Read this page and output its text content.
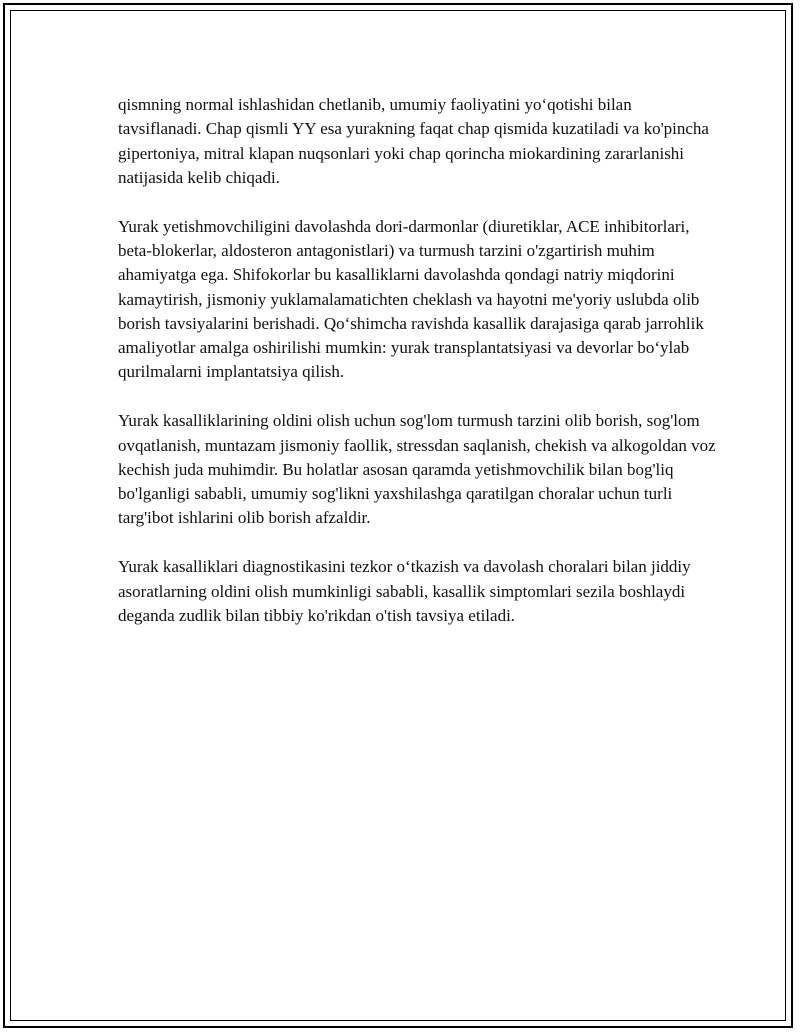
qismning normal ishlashidan chetlanib, umumiy faoliyatini yo‘qotishi bilan tavsiflanadi. Chap qismli YY esa yurakning faqat chap qismida kuzatiladi va ko'pincha gipertoniya, mitral klapan nuqsonlari yoki chap qorincha miokardining zararlanishi natijasida kelib chiqadi.

Yurak yetishmovchiligini davolashda dori-darmonlar (diuretiklar, ACE inhibitorlari, beta-blokerlar, aldosteron antagonistlari) va turmush tarzini o'zgartirish muhim ahamiyatga ega. Shifokorlar bu kasalliklarni davolashda qondagi natriy miqdorini kamaytirish, jismoniy yuklamalamatichten cheklash va hayotni me'yoriy uslubda olib borish tavsiyalarini berishadi. Qo‘shimcha ravishda kasallik darajasiga qarab jarrohlik amaliyotlar amalga oshirilishi mumkin: yurak transplantatsiyasi va devorlar bo‘ylab qurilmalarni implantatsiya qilish.

Yurak kasalliklarining oldini olish uchun sog'lom turmush tarzini olib borish, sog'lom ovqatlanish, muntazam jismoniy faollik, stressdan saqlanish, chekish va alkogoldan voz kechish juda muhimdir. Bu holatlar asosan qaramda yetishmovchilik bilan bog'liq bo'lganligi sababli, umumiy sog'likni yaxshilashga qaratilgan choralar uchun turli targ'ibot ishlarini olib borish afzaldir.

Yurak kasalliklari diagnostikasini tezkor o‘tkazish va davolash choralari bilan jiddiy asoratlarning oldini olish mumkinligi sababli, kasallik simptomlari sezila boshlaydi deganda zudlik bilan tibbiy ko'rikdan o'tish tavsiya etiladi.
